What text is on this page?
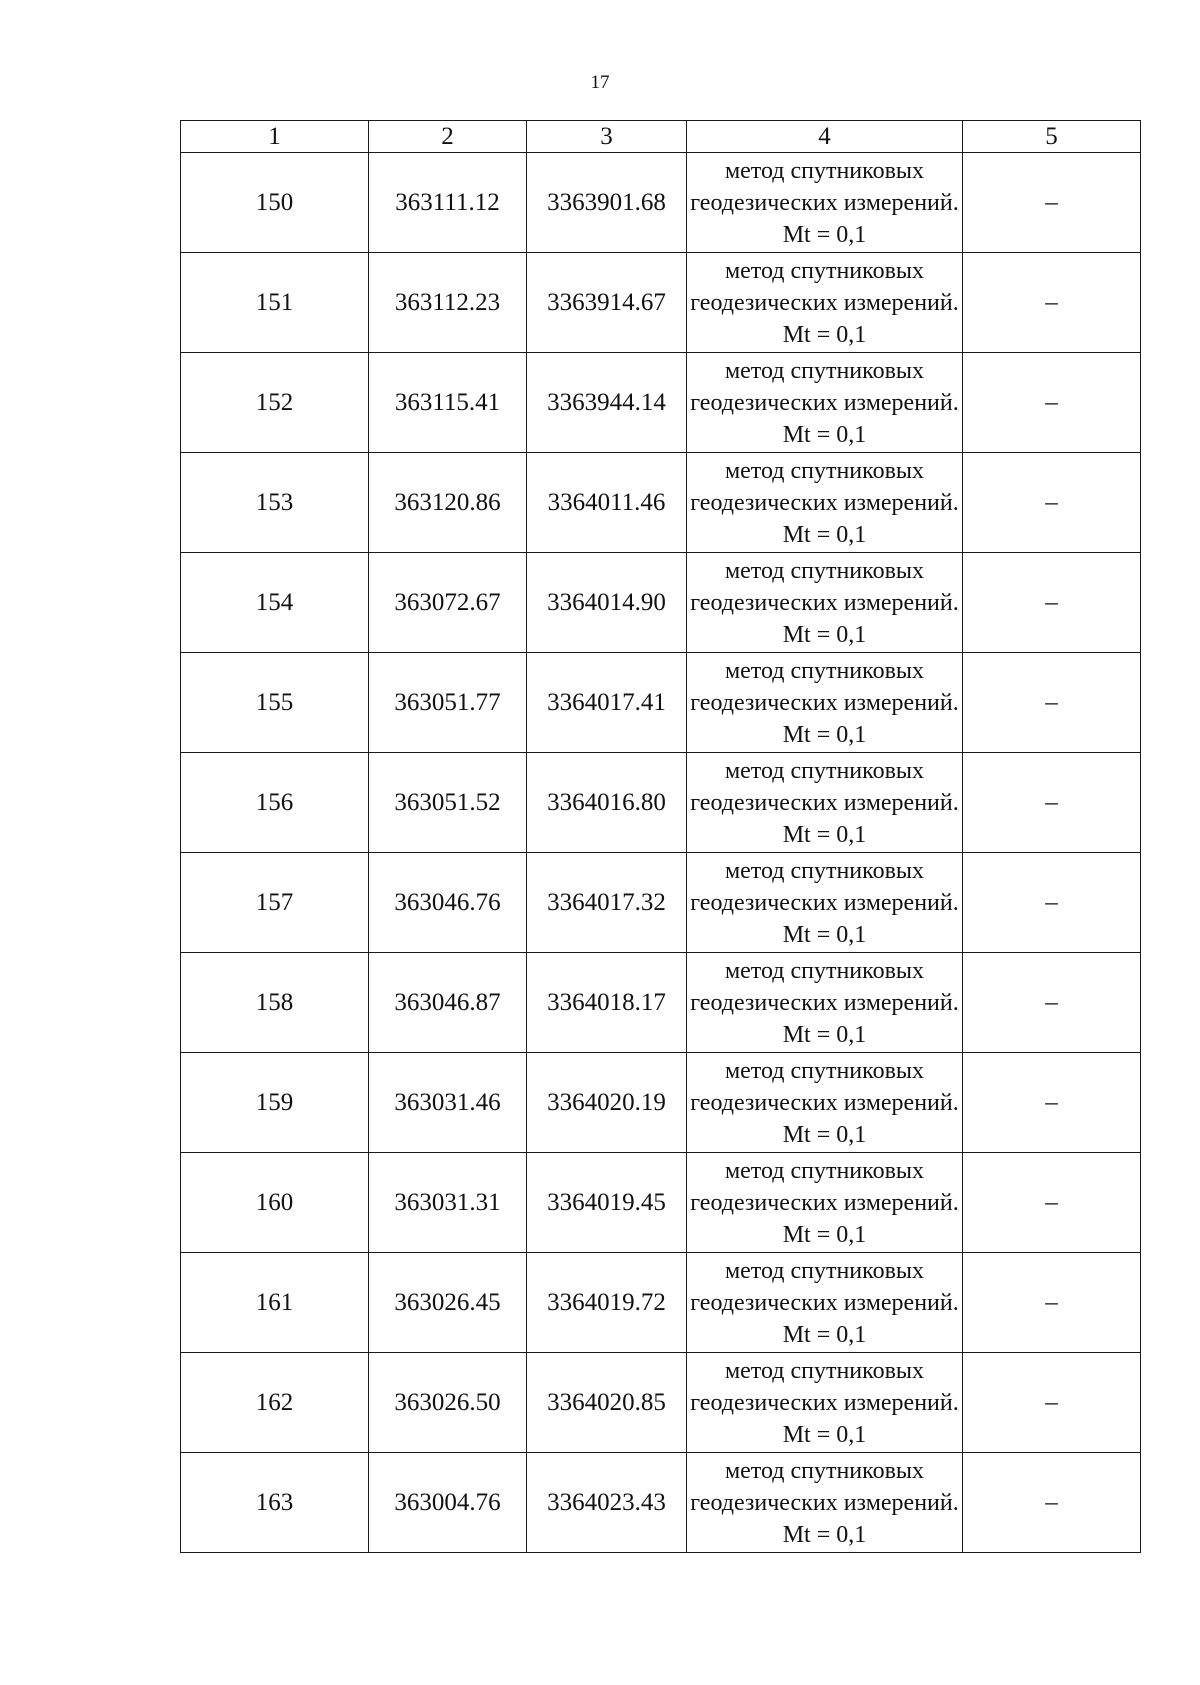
17
1	2	3	4	5
150	363111.12	3363901.68	метод спутниковых геодезических измерений. Mt = 0,1	–
151	363112.23	3363914.67	метод спутниковых геодезических измерений. Mt = 0,1	–
152	363115.41	3363944.14	метод спутниковых геодезических измерений. Mt = 0,1	–
153	363120.86	3364011.46	метод спутниковых геодезических измерений. Mt = 0,1	–
154	363072.67	3364014.90	метод спутниковых геодезических измерений. Mt = 0,1	–
155	363051.77	3364017.41	метод спутниковых геодезических измерений. Mt = 0,1	–
156	363051.52	3364016.80	метод спутниковых геодезических измерений. Mt = 0,1	–
157	363046.76	3364017.32	метод спутниковых геодезических измерений. Mt = 0,1	–
158	363046.87	3364018.17	метод спутниковых геодезических измерений. Mt = 0,1	–
159	363031.46	3364020.19	метод спутниковых геодезических измерений. Mt = 0,1	–
160	363031.31	3364019.45	метод спутниковых геодезических измерений. Mt = 0,1	–
161	363026.45	3364019.72	метод спутниковых геодезических измерений. Mt = 0,1	–
162	363026.50	3364020.85	метод спутниковых геодезических измерений. Mt = 0,1	–
163	363004.76	3364023.43	метод спутниковых геодезических измерений. Mt = 0,1	–
